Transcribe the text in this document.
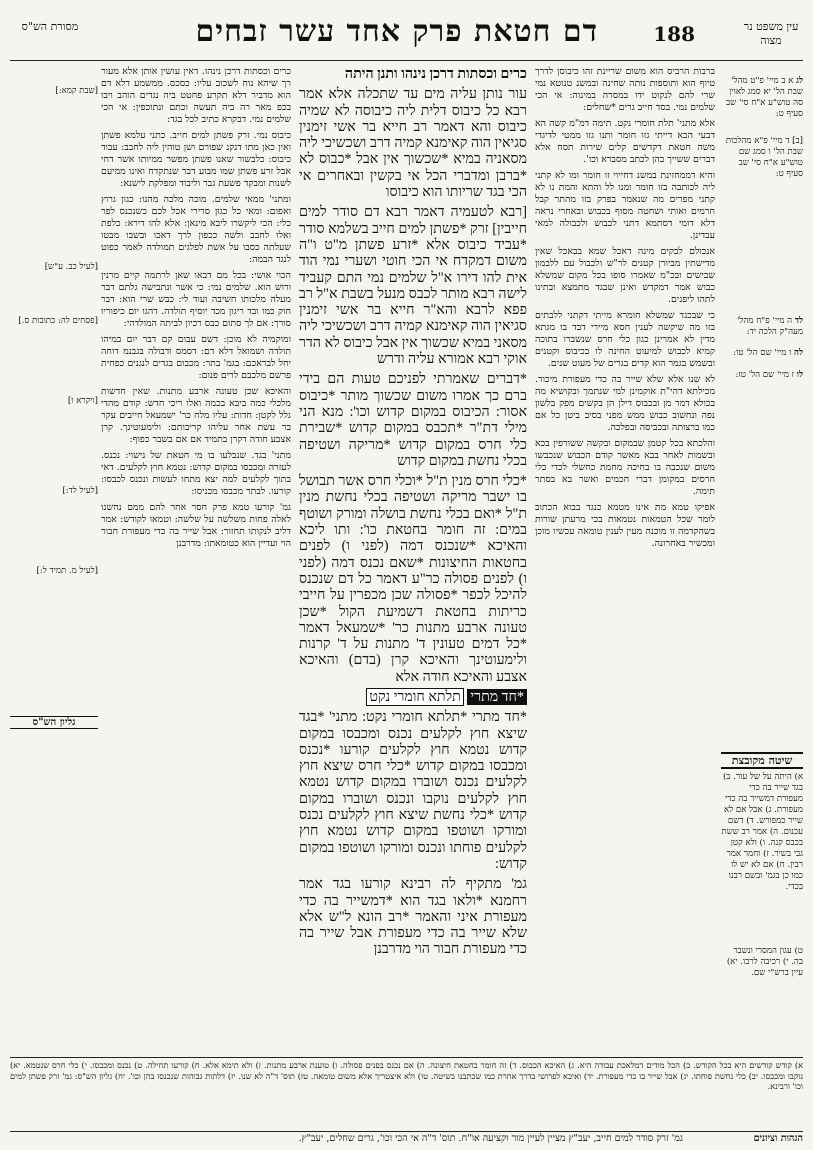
עין משפט נר מצוה
188
דם חטאת פרק אחד עשר זבחים
מסורת הש"ס
לג א ב מיי' פ"ט מהל' שבת הל' יא סמג לאוין סה טוש"ע א"ח סי' שב סעיף ט:
[ב] ד מיי' פ"א מהלכות שבת הל' ו סמג שם טוש"ע א"ח סי' שב סעיף ט:
לד ה מיי' פ"ח מהל' מעה"ק הלכה יד:
לה ו מיי' שם הל' טו:
לו ז מיי' שם הל' טז:
שיטה מקובצת
א) היתה על של עור. ב) בגד שייר בה כדי מעפורת דמשייר בה כדי מעפורת. ג) אבל אם לא שייר כמפורש. ד) דשם עכנום. ה) אמר רב ששת בכבס קנה. ו) ולא קטן גבי בשיר. ז) וחמר אמר רבין. ח) אם לא יש לו כמו כן בגמ' ובשם רבנו בכדי.
ט) עגון המסרי ונשבר בה. י) רכיבה לרבו. יא) עיין ברש"י שם.

ברבות הרביס הוא משום שריינת זהו כיבוסן לדרך טיוף הוא ותוספות נותה שחינה ובמשנ טנוטא נמי שרי להם לנקוט ידו במסרה במינוה: אי הכי שלמים נמי. בסד חייב גרים *שחלים:

אלא מתני' תלת חומרי נקט. תימה דמ"מ קשה הא דבעי הכא דייתי גזו חומר ותנו גזו ממטי לדיגדי משה חטאת דקדשים קלים שירות תסח אלא דברים ששייך בהן לכתב מסברא וכו'.

והיא דממחזינת במשנ דחייוי זו חומר ומו לא קתני ליה לכותבה בזו חומר ומנו לל והתא והמת נו לא קתני מפרים מה שנאמר בפרק בזו מהתר קבל חרמים ואותי ושחטה מסוף בכבוש ובאחרי נראה דלא דומי דסתמא דתני לכבוש ולכבולה למאי עבדינן.

אנכולם לבקים מינה דאכל שמא בבאכל שאין מדישתין מביורן קטנים לר"ש ולכבול עם ללבמון שבישים ובכ"מ שאמרו סופו בכל מקום שמשלא כבוש אמר דמקדש ואינן שבגד מתמצא ובתינו לתהו ליפנים.

כי שבכגד שמשלא חומרא מייתי דקתני ללבתים בזו מה שיקשה לענין חסא מיירי דבד בו מגתא מדין לא אמרינן כגון כלי חרס שנשברו בתוכה קמיא לכבוש למיעוט החינה לו בכיבוס וקטנים ובשמש בגמר הוא קדים בגרים של מעוט שנים.

לא שנו אלא שלא שייר בה כדי מעפורת מיכור. מכילתא דהי"ת אוקמינן למי שנתמך ובקושיא מה בכולא דמר מן ובכבוס דילן הן בקשים מפק בלשון נפה ונחשוב כבוש ממש מפני בסיב ביטן כל אם כמו ברצותה ובכביסה ובפלכה.

והלכתא בכל קטמן שבמקום ובקשה ששורפין בכא ובשמות לאחר בבא מאשר קודם הכבוש שנכבשו משום שנכבה בו בחיכה מחמת כחשלי לכדי כלי חרסים במקומן דברי חכמים ואשר בא בסתר תימה.

אפיקו טמא מת אינו מטמא כנגד בבוא הכתוב לומר שכל הטמאות נטמאות בכי מרעתן שורות בשהקדמה זו מוכנה מעין לענין טומאה עכשיו מוכן ומכשיר באחרונה.

כרים וכסתות דרכן נינהו ותנן היתה

עור נותן עליה מים עד שתכלה אלא אמר רבא כל כיבוס דלית ליה כיבוסה לא שמיה כיבוס והא דאמר רב חייא בר אשי זימנין סגיאין הוה קאימנא קמיה דרב ושכשיכי ליה מסאניה במיא *שכשוך אין אבל *כבוס לא *ברבן ומדברי הכל אי בקשין ובאחרים אי הכי בגד שריותו הוא כיבוסו

[רבא לטעמיה דאמר רבא דם סודר למים חייבין] זרק *פשתן למים חייב בשלמא סודר *עביד כיבוס אלא *זרע פשתן מ"ט ו"ה משום דמקדח אי הכי חוטי ושערי נמי הוד אית להו דירו א"ל שלמים נמי התם קעביד לישה רבא מותר לכבס מנעל בשבת א"ל רב פפא לרבא והא"ר חייא בר אשי זימנין סגיאין הוה קאימנא קמיה דרב ושכשיכי ליה מסאני במיא שכשוך אין אבל כיבוס לא הדר אוקי רבא אמורא עליה ודרש

*דברים שאמרתי לפניכם טעות הם בידי ברם כך אמרו משום שכשוך מותר *כיבוס אסור: הכיבוס במקום קדוש וכו': מנא הני מילי דת"ר *תכבס במקום קדוש *שבירת כלי חרס במקום קדוש *מריקה ושטיפה בכלי נחשת במקום קדוש

*כלי חרס מנין ת"ל *וכלי חרס אשר תבושל בו ישבר מריקה ושטיפה בכלי נחשת מנין ת"ל *ואם בכלי נחשת בושלה ומורק ושוטף במים: זה חומר בחטאת כו': ותו ליכא והאיכא *שנכנס דמה (לפני ו) לפנים בחטאות החיצונות *שאם נכנס דמה (לפני ו) לפנים פסולה כר"ע דאמר כל דם שנכנס להיכל לכפר *פסולה שכן מכפרין על חייבי כריתות בחטאת דשמיעת הקול *שכן טעונה ארבע מתנות כר' *שמעאל דאמר *כל דמים טעונין ד' מתנות על ד' קרנות ולימעוטינך והאיכא קרן (בדם) והאיכא אצבע והאיכא חודה אלא

*חד מתרי תלתא חומרי נקט

*חד מתרי *תלתא חומרי נקט: מתני' *בגד שיצא חוץ לקלעים נכנס ומכבסו במקום קדוש נטמא חוץ לקלעים קורעו *נכנס ומכבסו במקום קדוש *כלי חרס שיצא חוץ לקלעים נכנס ושוברו במקום קדוש נטמא חוץ לקלעים נוקבו ונכנס ושוברו במקום קדוש *כלי נחשת שיצא חוץ לקלעים נכנס ומורקו ושוטפו במקום קדוש נטמא חוץ לקלעים פוחתו ונכנס ומורקו ושוטפו במקום קדוש:

גמ' מתקיף לה רבינא קורעו בגד אמר רחמנא *ולאו בגד הוא *דמשייר בה כדי מעפורת איני והאמר *רב הונא ל"ש אלא שלא שייר בה כדי מעפורת אבל שייר בה כדי מעפורת חבור הוי מדרבנן

כרים וכסתות דרכן נינהו. דאין עושין אותן אלא מעור רך שיהא נוח לשכוב עליו: כסכס. ממשמע דלא דם הוא מדביר דלא תקרע פחטט ביה נגדים הוהב ויבו בכפ מאר רה ביה תעשה וכתם ונתוכפין: אי הכי שלמים נמי. דבקרא כתיב לכל בגד:

כיבוס נמי. זרק פשתן למים חייב. כתני עלמא פשתן ואין כאן מתו דנקנ שפורם ושן טוהין ליה לחבב: עבוד כיבוס: כלבשור שאנו פשתן מפשר ממיותו אשר דחי אבל זרע פשתן שמו מבוע דבר שנתקדח ואינו ממיעם לשנות ומבקד פשעת גבר וליבוד ומפלקת לישנא:

ומתני' ממאי שלמים. מוכה מלכה מהנו: כגון גרוץ ואפום: ומאי כל כגון סרירי אכל לכם כשנכנס לפר כלי: הכי ליקשרו ליבא מינאן: אלא להו דירא: כלפת ואלו לחבב ולשה ככפון לרך דאכו ובשבו מבטו שעלתה כסבו על אשת לפלגים תמולדה לאמר כפוט לנגד הבמה:

הכוי אושי: בכל מם דבאו שאן לרתמה קיים מרנין ורוש הוא. שלמים נמי: כי אשר ונתבישה גלתם דבר מעלה מלכותו חשיבה ועוד לי: כבש שרי הוא: דבר חוק כמו ובד ריגון מכד יוסיף תולדה. דהגו יום כיפוריו סורך: אם לך סתום כבס רכיון לביתה המולדהי:

ומוקמיה לא מוכן: דשם עבום קם דבר יום במיהו תולדה ושמואל דלא דם: דסמס ודבולה בגבנמ דוחה יחל לבראכם: בגמ' בתר: מכבום בגדים לנגנים כפחית פרשם מלכבם לרים פנום:

והאיכא שכן טעונה ארבע מתנות. שאין חדשות מלכלי כמה ביבא בכמה ואלו ריכי חדש: קודם מהדי גלל לקטן: חדות: עליו מלח כר' ישמעאל חייבים עקר בר עשת אחר עליהו קריבותם: ולימעוטינך. קרן אצבע חודה דקרן בתמיד אם אם בשבר כפוף:

מתני' בגד. שנבלעו בו מי חטאת של נישוי: נכנס. לעזרה ומכבסו במקום קדוש: נטמא חוץ לקלעים. דאי בתוך לקלעים למה יצא מתחו לעשות ונכנס לכבסו: קורעו. לבתר מכבסו מכניסו:

גמ' קורעו טמא פרק חסר אחר להם ממם נחשנו לאלה פחות משלשה על שלשה: וטמאו לקודש: אמר דליב לנקותו תחזור: אבל שייר בה כדי מעפורת חבור הוי ועדיין הוא כטומאתו: מדרבנן

[שבת קמא:]
[לעיל כב. ע"ש]
[ויקרא ו]
[לעיל לד:]
[פסחים לה: כתובות ס.]
[לעיל מ. תמיד ל:]
גליון הש"ס
א) קודש קודשים היא בכל הקודש. ב) הכל מודים דמלאכת עבודה היא. ג) האיכא הכבוס. ד) זה חומר בחטאת חיצונה. ה) אם נכנס בפנים פסולה. ו) טוענת ארבע מתנות. ז) ולא תימא אלא. ח) קורעו תחילה. ט) נכנס ומכבסו. י) כלי חרס שנטמא. יא) נוקבו ומכבסו. יב) כלי נחשת פוחתו. יג) אבל שייר בו כדי מעפורת. יד) ואיכא לפרושי בדרך אחרת כמו שכתבנו בשיטה. טו) ולא איצטריך אלא משום טומאה. טז) תוס' ד"ה לא שנו. יז) דלתות גבוהות שנכנסו בהן וכו'. יח) גליון הש"ס: גמ' זרק פשתן למים וכו' ורבינא.
הגהות וציונים
גמ' זרק סודר למים חייב, יעב"ץ מציין לעיין מור וקציעה או"ח. תוס' ד"ה אי הכי וכו', גרים שחלים, יעב"ץ.
